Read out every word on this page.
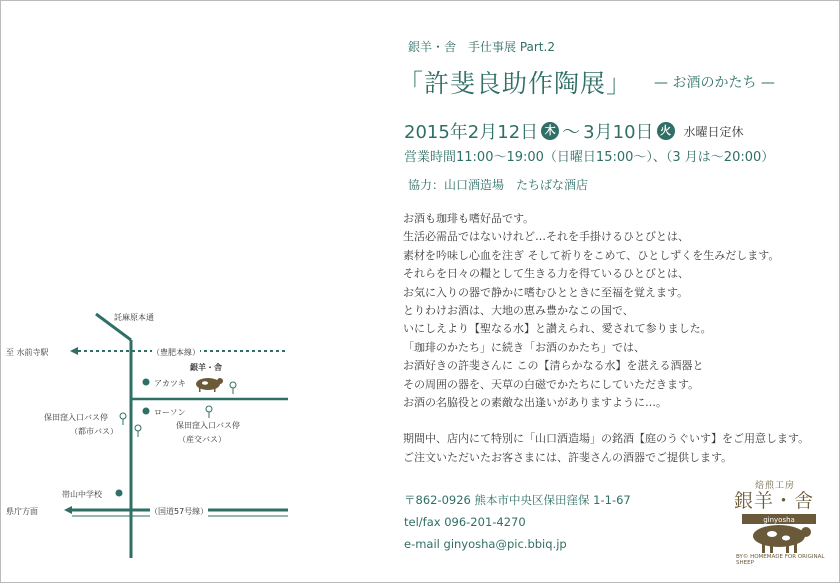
銀羊・舎　手仕事展 Part.2
「許斐良助作陶展」 — お酒のかたち —
2015年2月12日 木 〜 3月10日 火 水曜日定休
営業時間11:00〜19:00（日曜日15:00〜）、（3 月は〜20:00）
協力：山口酒造場　たちばな酒店
お酒も珈琲も嗜好品です。
生活必需品ではないけれど…それを手掛けるひとびとは、
素材を吟味し心血を注ぎ そして祈りをこめて、ひとしずくを生みだします。
それらを日々の糧として生きる力を得ているひとびとは、
お気に入りの器で静かに嗜むひとときに至福を覚えます。
とりわけお酒は、大地の恵み豊かなこの国で、
いにしえより【聖なる水】と讃えられ、愛されて参りました。
「珈琲のかたち」に続き「お酒のかたち」では、
お酒好きの許斐さんに この【清らかなる水】を湛える酒器と
その周囲の器を、天草の白磁でかたちにしていただきます。
お酒の名脇役との素敵な出逢いがありますように…。
期間中、店内にて特別に「山口酒造場」の銘酒【庭のうぐいす】をご用意します。
ご注文いただいたお客さまには、許斐さんの酒器でご提供します。
〒862-0926 熊本市中央区保田窪保 1-1-67
tel/fax 096-201-4270
e-mail ginyosha@pic.bbiq.jp
焙煎工房
銀羊・舎
ginyosha
BY© HOMEMADE FOR ORIGINAL SHEEP
託麻原本通
至 水前寺駅	（豊肥本線）
銀羊・舎
アカツキ
ローソン
保田窪入口バス停
（都市バス）
保田窪入口バス停
（産交バス）
帯山中学校
県庁方面	（国道57号線）
